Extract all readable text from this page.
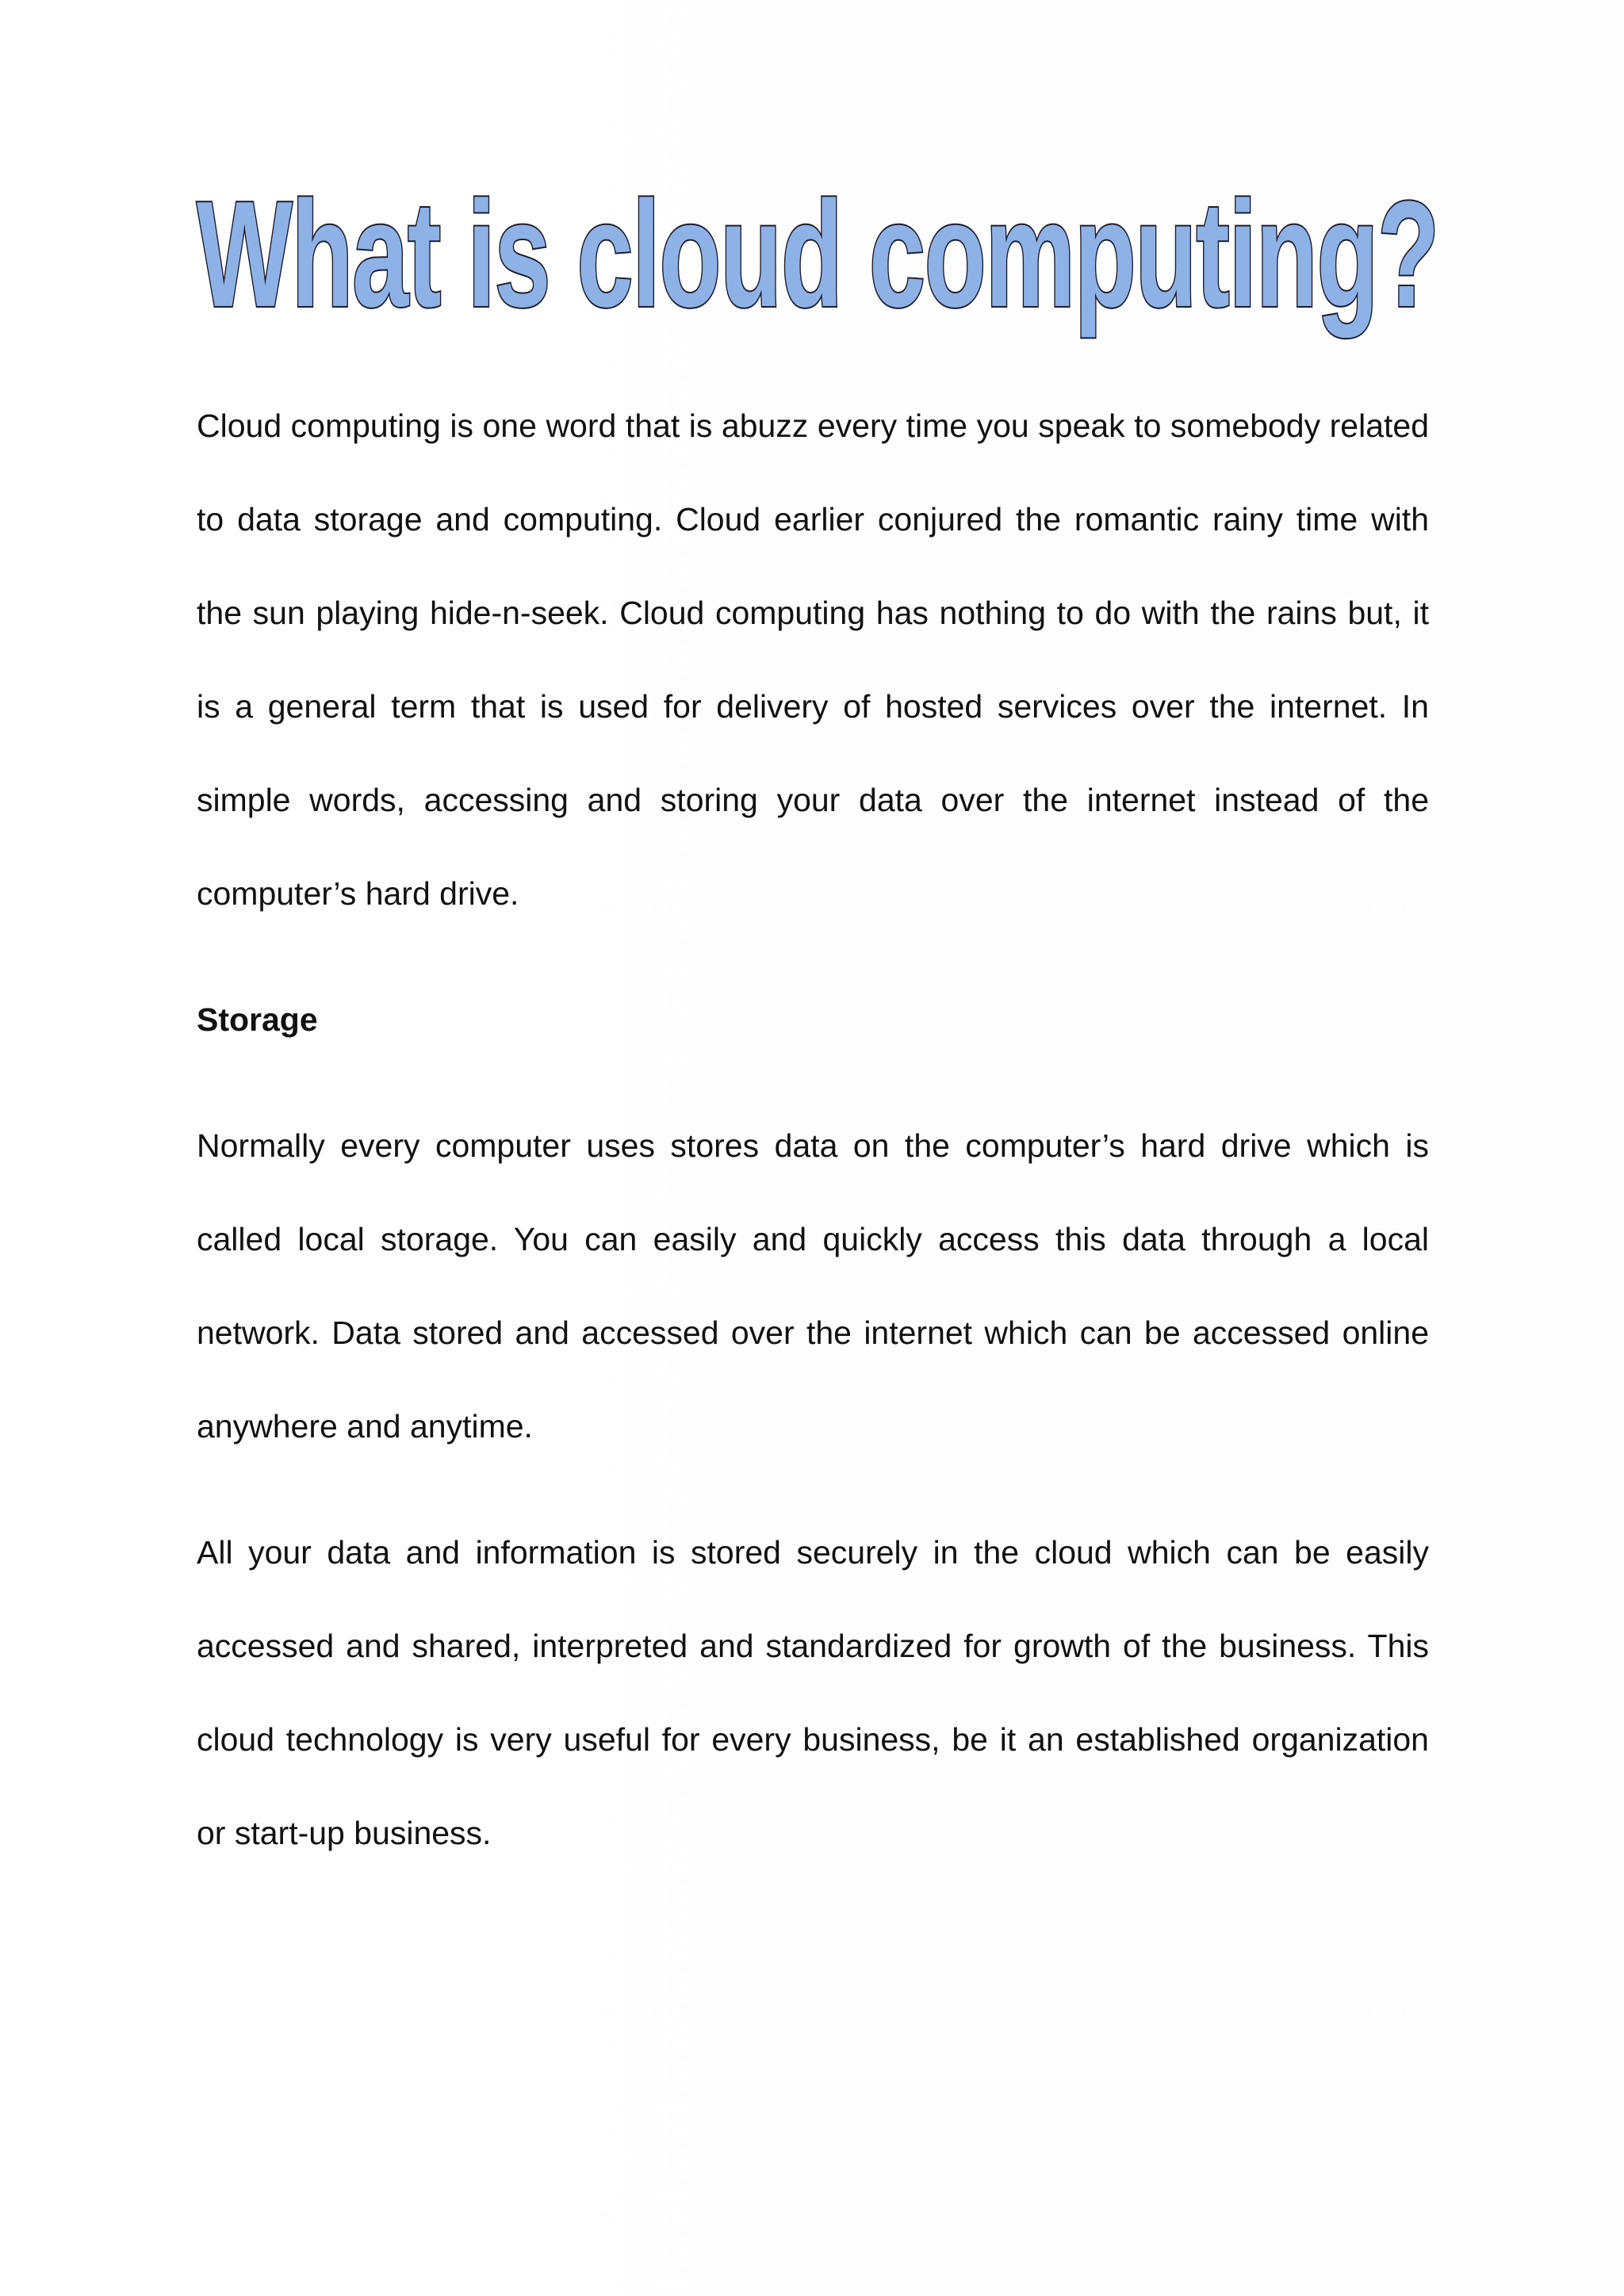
What is cloud computing?

Cloud computing is one word that is abuzz every time you speak to somebody related to data storage and computing. Cloud earlier conjured the romantic rainy time with the sun playing hide-n-seek. Cloud computing has nothing to do with the rains but, it is a general term that is used for delivery of hosted services over the internet. In simple words, accessing and storing your data over the internet instead of the computer’s hard drive.

Storage

Normally every computer uses stores data on the computer’s hard drive which is called local storage. You can easily and quickly access this data through a local network. Data stored and accessed over the internet which can be accessed online anywhere and anytime.

All your data and information is stored securely in the cloud which can be easily accessed and shared, interpreted and standardized for growth of the business. This cloud technology is very useful for every business, be it an established organization or start-up business.
